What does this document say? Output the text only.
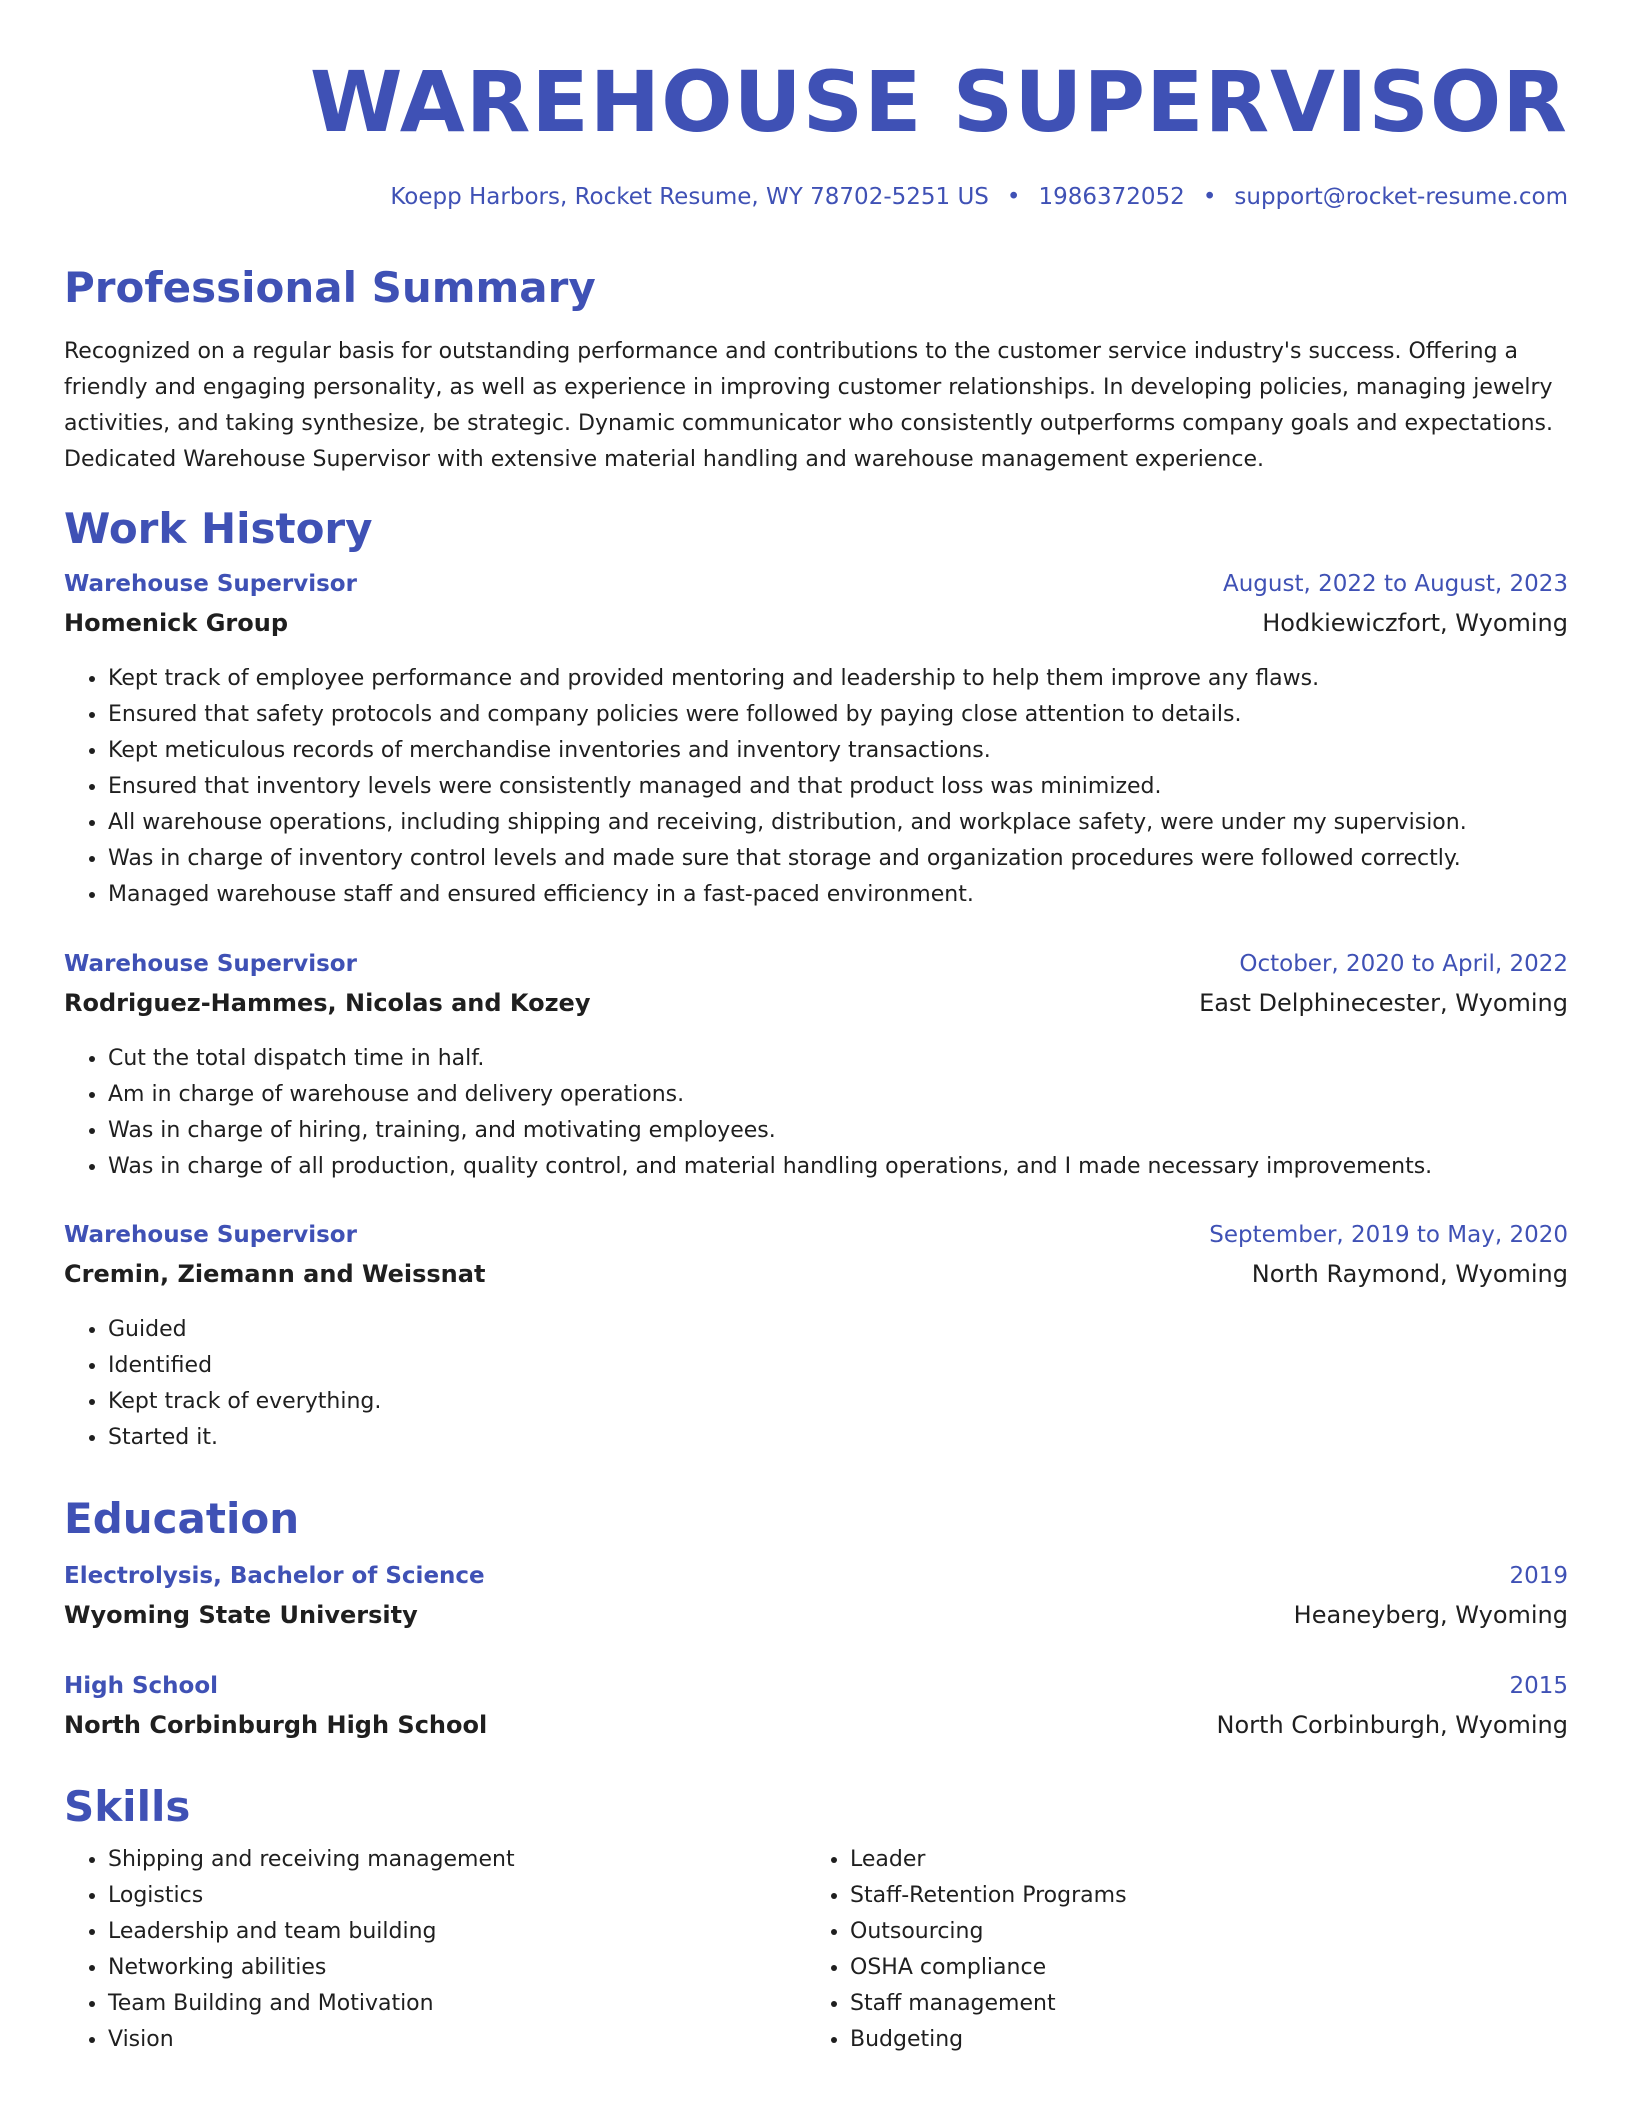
WAREHOUSE SUPERVISOR
Koepp Harbors, Rocket Resume, WY 78702-5251 US • 1986372052 • support@rocket-resume.com
Professional Summary

Recognized on a regular basis for outstanding performance and contributions to the customer service industry's success. Offering a friendly and engaging personality, as well as experience in improving customer relationships. In developing policies, managing jewelry activities, and taking synthesize, be strategic. Dynamic communicator who consistently outperforms company goals and expectations. Dedicated Warehouse Supervisor with extensive material handling and warehouse management experience.

Work History
Warehouse Supervisor	August, 2022 to August, 2023
Homenick Group	Hodkiewiczfort, Wyoming
• Kept track of employee performance and provided mentoring and leadership to help them improve any flaws.
• Ensured that safety protocols and company policies were followed by paying close attention to details.
• Kept meticulous records of merchandise inventories and inventory transactions.
• Ensured that inventory levels were consistently managed and that product loss was minimized.
• All warehouse operations, including shipping and receiving, distribution, and workplace safety, were under my supervision.
• Was in charge of inventory control levels and made sure that storage and organization procedures were followed correctly.
• Managed warehouse staff and ensured efficiency in a fast-paced environment.
Warehouse Supervisor	October, 2020 to April, 2022
Rodriguez-Hammes, Nicolas and Kozey	East Delphinecester, Wyoming
• Cut the total dispatch time in half.
• Am in charge of warehouse and delivery operations.
• Was in charge of hiring, training, and motivating employees.
• Was in charge of all production, quality control, and material handling operations, and I made necessary improvements.
Warehouse Supervisor	September, 2019 to May, 2020
Cremin, Ziemann and Weissnat	North Raymond, Wyoming
• Guided
• Identified
• Kept track of everything.
• Started it.
Education
Electrolysis, Bachelor of Science	2019
Wyoming State University	Heaneyberg, Wyoming
High School	2015
North Corbinburgh High School	North Corbinburgh, Wyoming
Skills
• Shipping and receiving management
• Logistics
• Leadership and team building
• Networking abilities
• Team Building and Motivation
• Vision
• Leader
• Staff-Retention Programs
• Outsourcing
• OSHA compliance
• Staff management
• Budgeting
